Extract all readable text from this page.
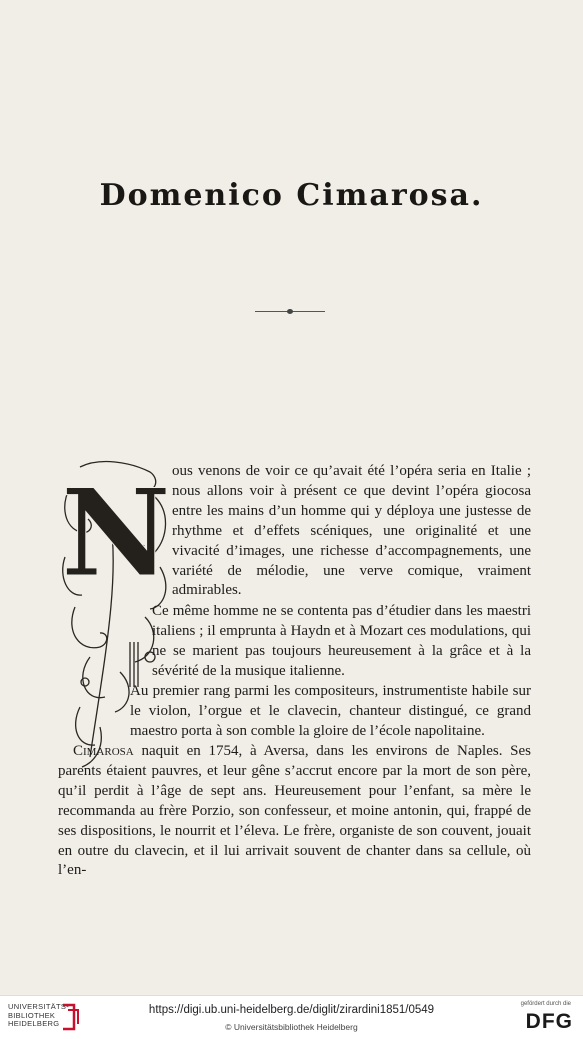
Domenico Cimarosa.
N ous venons de voir ce qu’avait été l’opéra seria en Italie ; nous allons voir à présent ce que devint l’opéra giocosa entre les mains d’un homme qui y déploya une justesse de rhythme et d’effets scéniques, une originalité et une vivacité d’images, une richesse d’accompagnements, une variété de mélodie, une verve comique, vraiment admirables.
Ce même homme ne se contenta pas d’étudier dans les maestri italiens ; il emprunta à Haydn et à Mozart ces modulations, qui ne se marient pas toujours heureusement à la grâce et à la sévérité de la musique italienne.
Au premier rang parmi les compositeurs, instrumentiste habile sur le violon, l’orgue et le clavecin, chanteur distingué, ce grand maestro porta à son comble la gloire de l’école napolitaine.
 Cimarosa naquit en 1754, à Aversa, dans les environs de Naples. Ses parents étaient pauvres, et leur gêne s’accrut encore par la mort de son père, qu’il perdit à l’âge de sept ans. Heureusement pour l’enfant, sa mère le recommanda au frère Porzio, son confesseur, et moine antonin, qui, frappé de ses dispositions, le nourrit et l’éleva. Le frère, organiste de son couvent, jouait en outre du clavecin, et il lui arrivait souvent de chanter dans sa cellule, où l’en-
UNIVERSITÄTS-
BIBLIOTHEK
HEIDELBERG
https://digi.ub.uni-heidelberg.de/diglit/zirardini1851/0549
© Universitätsbibliothek Heidelberg
gefördert durch die
DFG
